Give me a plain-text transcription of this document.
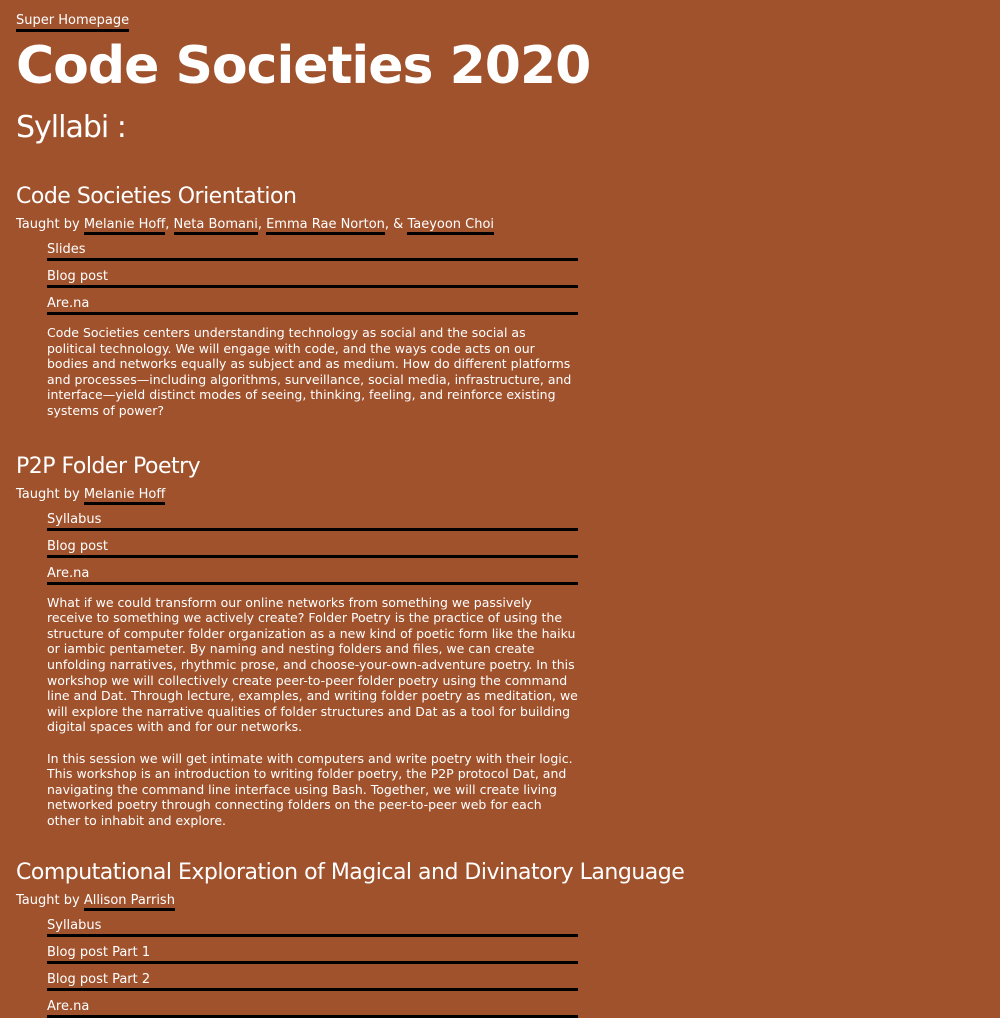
Super Homepage
Code Societies 2020
Syllabi :
Code Societies Orientation
Taught by Melanie Hoff, Neta Bomani, Emma Rae Norton, & Taeyoon Choi
Slides
Blog post
Are.na

Code Societies centers understanding technology as social and the social as political technology. We will engage with code, and the ways code acts on our bodies and networks equally as subject and as medium. How do different platforms and processes—including algorithms, surveillance, social media, infrastructure, and interface—yield distinct modes of seeing, thinking, feeling, and reinforce existing systems of power?

P2P Folder Poetry
Taught by Melanie Hoff
Syllabus
Blog post
Are.na

What if we could transform our online networks from something we passively receive to something we actively create? Folder Poetry is the practice of using the structure of computer folder organization as a new kind of poetic form like the haiku or iambic pentameter. By naming and nesting folders and files, we can create unfolding narratives, rhythmic prose, and choose-your-own-adventure poetry. In this workshop we will collectively create peer-to-peer folder poetry using the command line and Dat. Through lecture, examples, and writing folder poetry as meditation, we will explore the narrative qualities of folder structures and Dat as a tool for building digital spaces with and for our networks.

In this session we will get intimate with computers and write poetry with their logic. This workshop is an introduction to writing folder poetry, the P2P protocol Dat, and navigating the command line interface using Bash. Together, we will create living networked poetry through connecting folders on the peer-to-peer web for each other to inhabit and explore.

Computational Exploration of Magical and Divinatory Language
Taught by Allison Parrish
Syllabus
Blog post Part 1
Blog post Part 2
Are.na
